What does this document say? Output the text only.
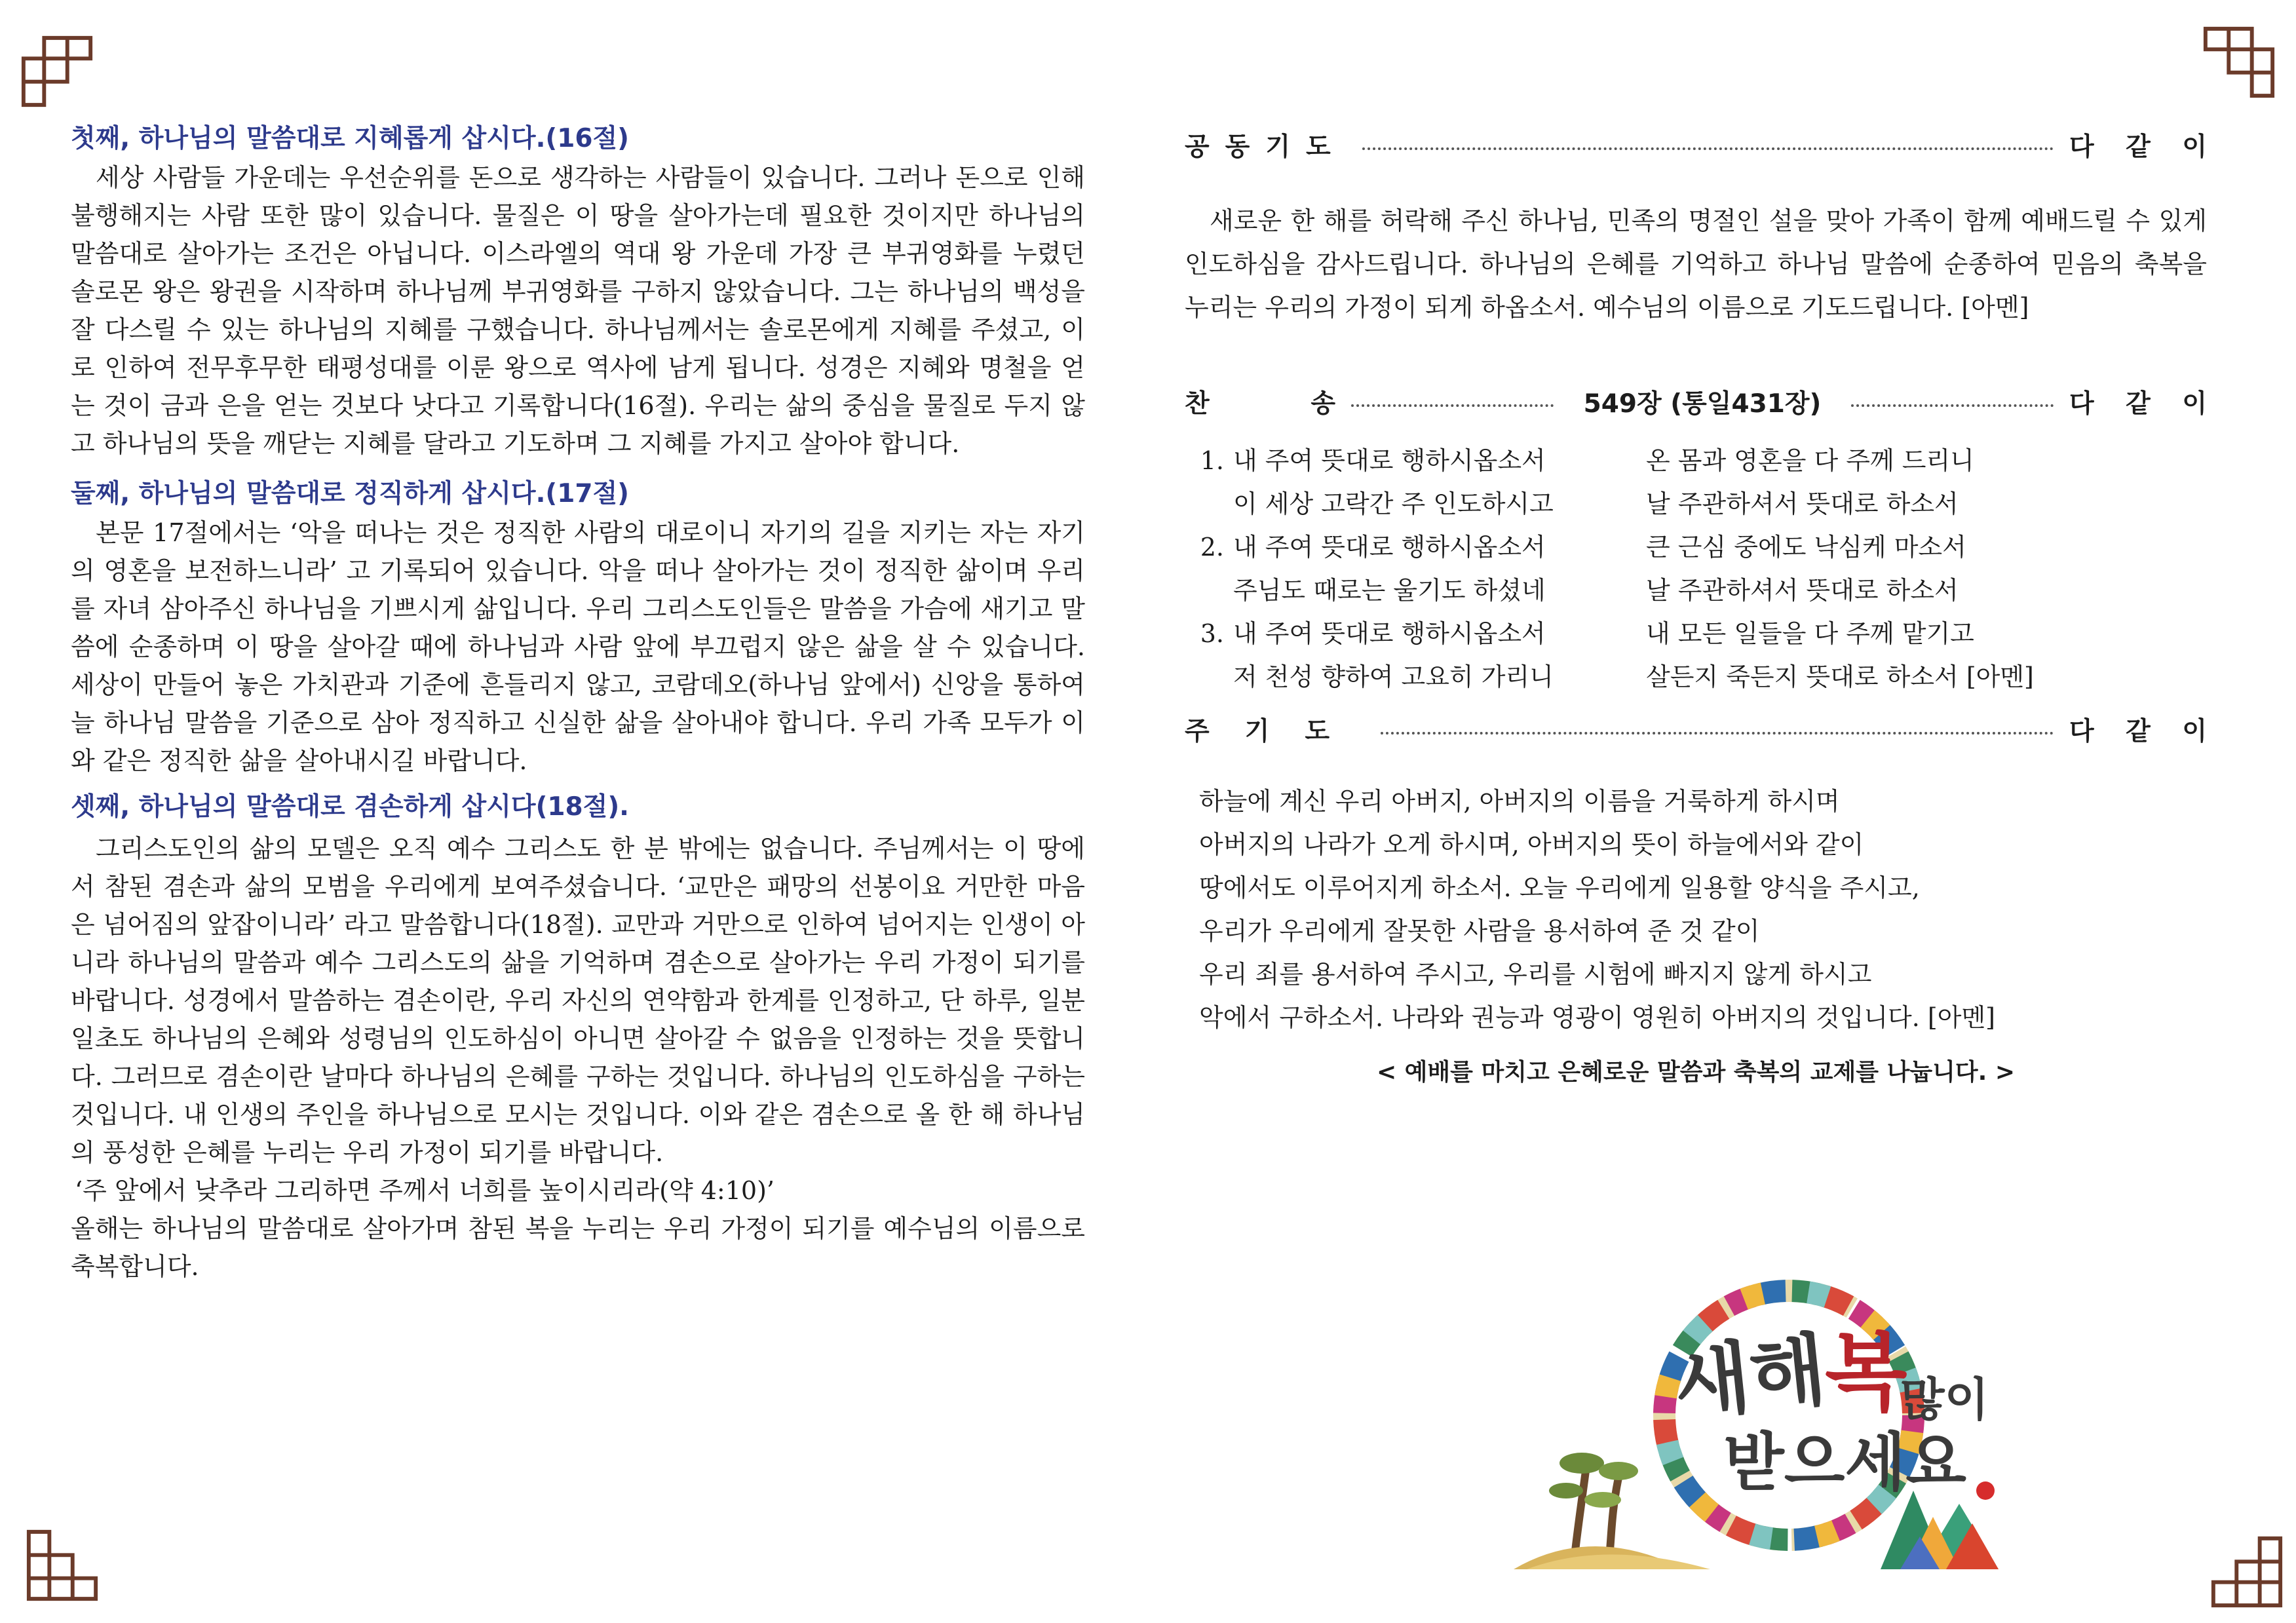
첫째, 하나님의 말씀대로 지혜롭게 삽시다.(16절)

세상 사람들 가운데는 우선순위를 돈으로 생각하는 사람들이 있습니다. 그러나 돈으로 인해 불행해지는 사람 또한 많이 있습니다. 물질은 이 땅을 살아가는데 필요한 것이지만 하나님의 말씀대로 살아가는 조건은 아닙니다. 이스라엘의 역대 왕 가운데 가장 큰 부귀영화를 누렸던 솔로몬 왕은 왕권을 시작하며 하나님께 부귀영화를 구하지 않았습니다. 그는 하나님의 백성을 잘 다스릴 수 있는 하나님의 지혜를 구했습니다. 하나님께서는 솔로몬에게 지혜를 주셨고, 이로 인하여 전무후무한 태평성대를 이룬 왕으로 역사에 남게 됩니다. 성경은 지혜와 명철을 얻는 것이 금과 은을 얻는 것보다 낫다고 기록합니다(16절). 우리는 삶의 중심을 물질로 두지 않고 하나님의 뜻을 깨닫는 지혜를 달라고 기도하며 그 지혜를 가지고 살아야 합니다.

둘째, 하나님의 말씀대로 정직하게 삽시다.(17절)

본문 17절에서는 ‘악을 떠나는 것은 정직한 사람의 대로이니 자기의 길을 지키는 자는 자기의 영혼을 보전하느니라’ 고 기록되어 있습니다. 악을 떠나 살아가는 것이 정직한 삶이며 우리를 자녀 삼아주신 하나님을 기쁘시게 삶입니다. 우리 그리스도인들은 말씀을 가슴에 새기고 말씀에 순종하며 이 땅을 살아갈 때에 하나님과 사람 앞에 부끄럽지 않은 삶을 살 수 있습니다. 세상이 만들어 놓은 가치관과 기준에 흔들리지 않고, 코람데오(하나님 앞에서) 신앙을 통하여 늘 하나님 말씀을 기준으로 삼아 정직하고 신실한 삶을 살아내야 합니다. 우리 가족 모두가 이와 같은 정직한 삶을 살아내시길 바랍니다.

셋째, 하나님의 말씀대로 겸손하게 삽시다(18절).

그리스도인의 삶의 모델은 오직 예수 그리스도 한 분 밖에는 없습니다. 주님께서는 이 땅에서 참된 겸손과 삶의 모범을 우리에게 보여주셨습니다. ‘교만은 패망의 선봉이요 거만한 마음은 넘어짐의 앞잡이니라’ 라고 말씀합니다(18절). 교만과 거만으로 인하여 넘어지는 인생이 아니라 하나님의 말씀과 예수 그리스도의 삶을 기억하며 겸손으로 살아가는 우리 가정이 되기를 바랍니다. 성경에서 말씀하는 겸손이란, 우리 자신의 연약함과 한계를 인정하고, 단 하루, 일분일초도 하나님의 은혜와 성령님의 인도하심이 아니면 살아갈 수 없음을 인정하는 것을 뜻합니다. 그러므로 겸손이란 날마다 하나님의 은혜를 구하는 것입니다. 하나님의 인도하심을 구하는 것입니다. 내 인생의 주인을 하나님으로 모시는 것입니다. 이와 같은 겸손으로 올 한 해 하나님의 풍성한 은혜를 누리는 우리 가정이 되기를 바랍니다.

‘주 앞에서 낮추라 그리하면 주께서 너희를 높이시리라(약 4:10)’

올해는 하나님의 말씀대로 살아가며 참된 복을 누리는 우리 가정이 되기를 예수님의 이름으로 축복합니다.

공동기도	다 같 이

새로운 한 해를 허락해 주신 하나님, 민족의 명절인 설을 맞아 가족이 함께 예배드릴 수 있게 인도하심을 감사드립니다. 하나님의 은혜를 기억하고 하나님 말씀에 순종하여 믿음의 축복을 누리는 우리의 가정이 되게 하옵소서. 예수님의 이름으로 기도드립니다. [아멘]

찬	송	549장 (통일431장)	다 같 이
1. 내 주여 뜻대로 행하시옵소서	온 몸과 영혼을 다 주께 드리니
이 세상 고락간 주 인도하시고	날 주관하셔서 뜻대로 하소서
2. 내 주여 뜻대로 행하시옵소서	큰 근심 중에도 낙심케 마소서
주님도 때로는 울기도 하셨네	날 주관하셔서 뜻대로 하소서
3. 내 주여 뜻대로 행하시옵소서	내 모든 일들을 다 주께 맡기고
저 천성 향하여 고요히 가리니	살든지 죽든지 뜻대로 하소서 [아멘]
주기도	다 같 이

하늘에 계신 우리 아버지, 아버지의 이름을 거룩하게 하시며

아버지의 나라가 오게 하시며, 아버지의 뜻이 하늘에서와 같이

땅에서도 이루어지게 하소서. 오늘 우리에게 일용할 양식을 주시고,

우리가 우리에게 잘못한 사람을 용서하여 준 것 같이

우리 죄를 용서하여 주시고, 우리를 시험에 빠지지 않게 하시고

악에서 구하소서. 나라와 권능과 영광이 영원히 아버지의 것입니다. [아멘]

< 예배를 마치고 은혜로운 말씀과 축복의 교제를 나눕니다. >
새해
복
많이
받으세요
